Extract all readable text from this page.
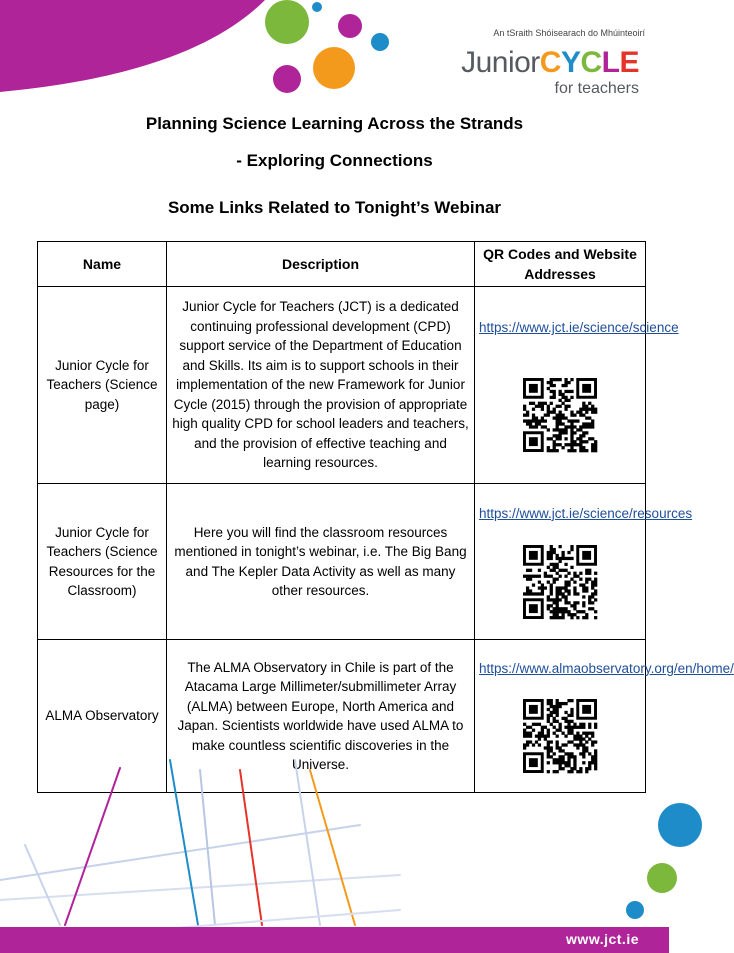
An tSraith Shóisearach do Mhúinteoirí
JuniorCYCLE
for teachers
Planning Science Learning Across the Strands
- Exploring Connections
Some Links Related to Tonight’s Webinar
Name	Description	QR Codes and Website Addresses
Junior Cycle for Teachers (Science page)	Junior Cycle for Teachers (JCT) is a dedicated continuing professional development (CPD) support service of the Department of Education and Skills. Its aim is to support schools in their implementation of the new Framework for Junior Cycle (2015) through the provision of appropriate high quality CPD for school leaders and teachers, and the provision of effective teaching and learning resources.	https://www.jct.ie/science/science

Junior Cycle for Teachers (Science Resources for the Classroom)	Here you will find the classroom resources mentioned in tonight’s webinar, i.e. The Big Bang and The Kepler Data Activity as well as many other resources.	https://www.jct.ie/science/resources

ALMA Observatory	The ALMA Observatory in Chile is part of the Atacama Large Millimeter/submillimeter Array (ALMA) between Europe, North America and Japan. Scientists worldwide have used ALMA to make countless scientific discoveries in the Universe.	https://www.almaobservatory.org/en/home/
www.jct.ie
